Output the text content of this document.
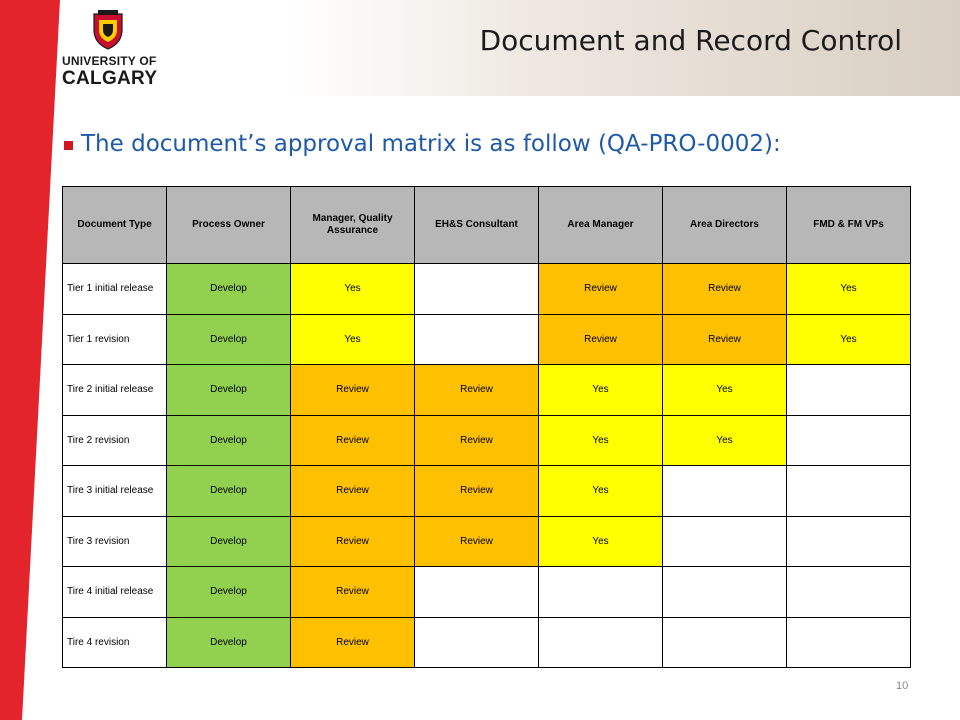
UNIVERSITY OF
CALGARY
Document and Record Control
The document’s approval matrix is as follow (QA-PRO-0002):
Document Type	Process Owner	Manager, Quality Assurance	EH&S Consultant	Area Manager	Area Directors	FMD & FM VPs
Tier 1 initial release	Develop	Yes		Review	Review	Yes
Tier 1 revision	Develop	Yes		Review	Review	Yes
Tire 2 initial release	Develop	Review	Review	Yes	Yes	
Tire 2 revision	Develop	Review	Review	Yes	Yes	
Tire 3 initial release	Develop	Review	Review	Yes		
Tire 3 revision	Develop	Review	Review	Yes		
Tire 4 initial release	Develop	Review				
Tire 4 revision	Develop	Review				
10
